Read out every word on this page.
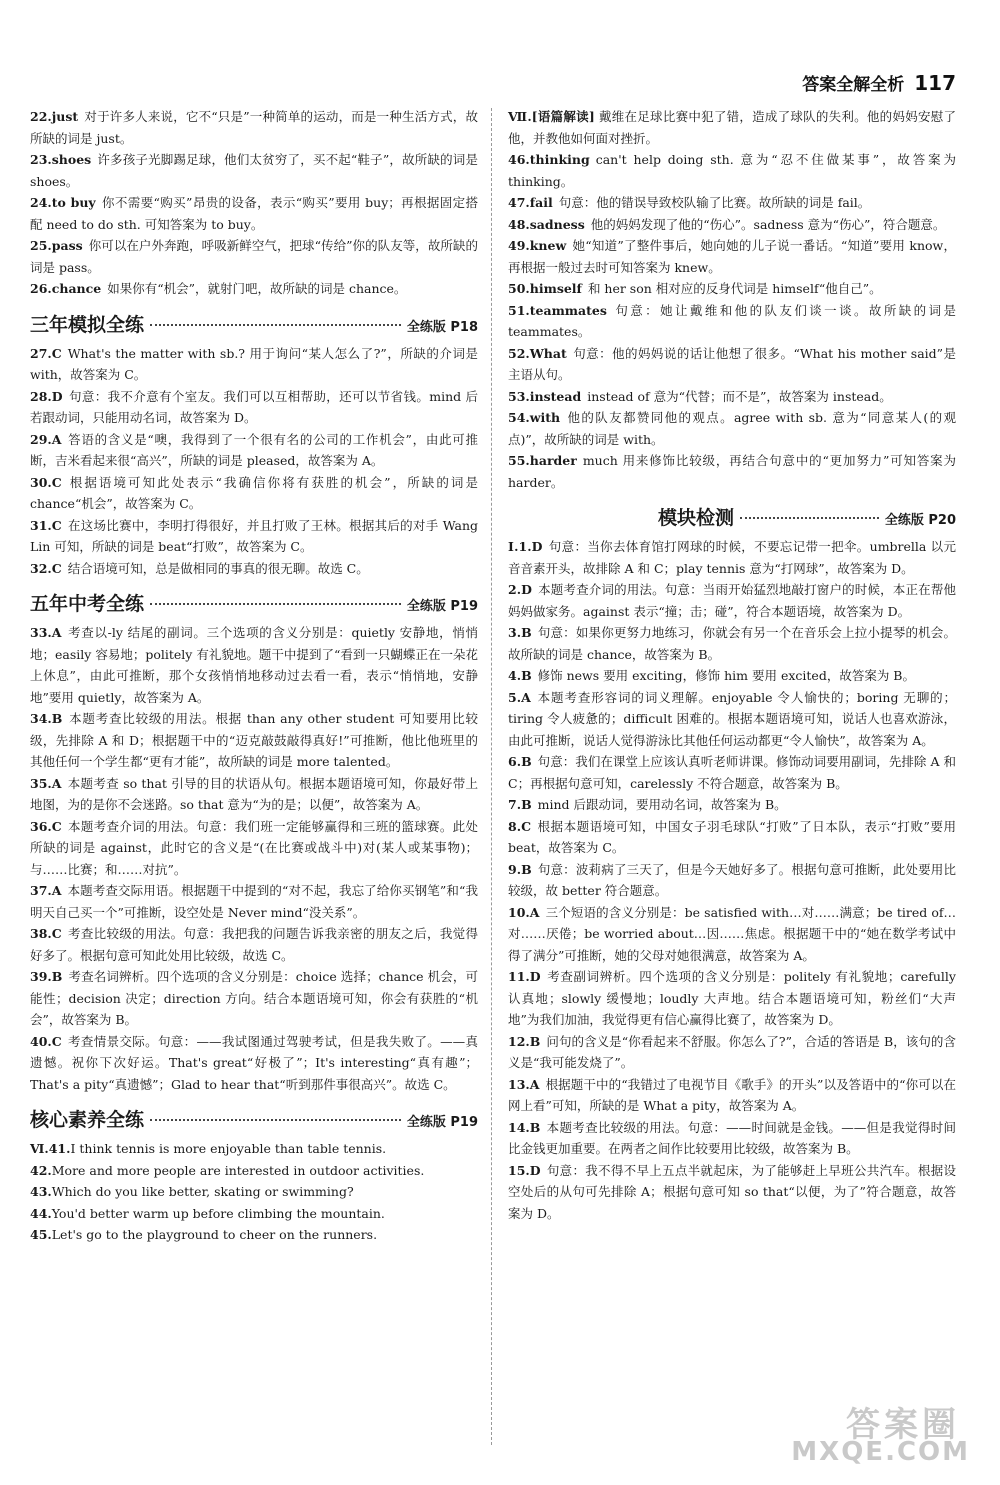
答案全解全析 117

22.just 对于许多人来说，它不“只是”一种简单的运动，而是一种生活方式，故所缺的词是 just。

23.shoes 许多孩子光脚踢足球，他们太贫穷了，买不起“鞋子”，故所缺的词是 shoes。

24.to buy 你不需要“购买”昂贵的设备，表示“购买”要用 buy；再根据固定搭配 need to do sth. 可知答案为 to buy。

25.pass 你可以在户外奔跑，呼吸新鲜空气，把球“传给”你的队友等，故所缺的词是 pass。

26.chance 如果你有“机会”，就射门吧，故所缺的词是 chance。

三年模拟全练	全练版 P18

27.C What's the matter with sb.? 用于询问“某人怎么了?”，所缺的介词是 with，故答案为 C。

28.D 句意：我不介意有个室友。我们可以互相帮助，还可以节省钱。mind 后若跟动词，只能用动名词，故答案为 D。

29.A 答语的含义是“噢，我得到了一个很有名的公司的工作机会”，由此可推断，吉米看起来很“高兴”，所缺的词是 pleased，故答案为 A。

30.C 根据语境可知此处表示“我确信你将有获胜的机会”，所缺的词是 chance“机会”，故答案为 C。

31.C 在这场比赛中，李明打得很好，并且打败了王林。根据其后的对手 Wang Lin 可知，所缺的词是 beat“打败”，故答案为 C。

32.C 结合语境可知，总是做相同的事真的很无聊。故选 C。

五年中考全练	全练版 P19

33.A 考查以-ly 结尾的副词。三个选项的含义分别是：quietly 安静地，悄悄地；easily 容易地；politely 有礼貌地。题干中提到了“看到一只蝴蝶正在一朵花上休息”，由此可推断，那个女孩悄悄地移动过去看一看，表示“悄悄地，安静地”要用 quietly，故答案为 A。

34.B 本题考查比较级的用法。根据 than any other student 可知要用比较级，先排除 A 和 D；根据题干中的“迈克敲鼓敲得真好!”可推断，他比他班里的其他任何一个学生都“更有才能”，故所缺的词是 more talented。

35.A 本题考查 so that 引导的目的状语从句。根据本题语境可知，你最好带上地图，为的是你不会迷路。so that 意为“为的是；以便”，故答案为 A。

36.C 本题考查介词的用法。句意：我们班一定能够赢得和三班的篮球赛。此处所缺的词是 against，此时它的含义是“(在比赛或战斗中)对(某人或某事物)；与……比赛；和……对抗”。

37.A 本题考查交际用语。根据题干中提到的“对不起，我忘了给你买钢笔”和“我明天自己买一个”可推断，设空处是 Never mind“没关系”。

38.C 考查比较级的用法。句意：我把我的问题告诉我亲密的朋友之后，我觉得好多了。根据句意可知此处用比较级，故选 C。

39.B 考查名词辨析。四个选项的含义分别是：choice 选择；chance 机会，可能性；decision 决定；direction 方向。结合本题语境可知，你会有获胜的“机会”，故答案为 B。

40.C 考查情景交际。句意：——我试图通过驾驶考试，但是我失败了。——真遗憾。祝你下次好运。That's great“好极了”；It's interesting“真有趣”；That's a pity“真遗憾”；Glad to hear that“听到那件事很高兴”。故选 C。

核心素养全练	全练版 P19

Ⅵ.41.I think tennis is more enjoyable than table tennis.

42.More and more people are interested in outdoor activities.

43.Which do you like better, skating or swimming?

44.You'd better warm up before climbing the mountain.

45.Let's go to the playground to cheer on the runners.

Ⅶ.[语篇解读] 戴维在足球比赛中犯了错，造成了球队的失利。他的妈妈安慰了他，并教他如何面对挫折。

46.thinking can't help doing sth. 意为“忍不住做某事”，故答案为 thinking。

47.fail 句意：他的错误导致校队输了比赛。故所缺的词是 fail。

48.sadness 他的妈妈发现了他的“伤心”。sadness 意为“伤心”，符合题意。

49.knew 她“知道”了整件事后，她向她的儿子说一番话。“知道”要用 know，再根据一般过去时可知答案为 knew。

50.himself 和 her son 相对应的反身代词是 himself“他自己”。

51.teammates 句意：她让戴维和他的队友们谈一谈。故所缺的词是 teammates。

52.What 句意：他的妈妈说的话让他想了很多。“What his mother said”是主语从句。

53.instead instead of 意为“代替；而不是”，故答案为 instead。

54.with 他的队友都赞同他的观点。agree with sb. 意为“同意某人(的观点)”，故所缺的词是 with。

55.harder much 用来修饰比较级，再结合句意中的“更加努力”可知答案为 harder。

模块检测	全练版 P20

Ⅰ.1.D 句意：当你去体育馆打网球的时候，不要忘记带一把伞。umbrella 以元音音素开头，故排除 A 和 C；play tennis 意为“打网球”，故答案为 D。

2.D 本题考查介词的用法。句意：当雨开始猛烈地敲打窗户的时候，本正在帮他妈妈做家务。against 表示“撞；击；碰”，符合本题语境，故答案为 D。

3.B 句意：如果你更努力地练习，你就会有另一个在音乐会上拉小提琴的机会。故所缺的词是 chance，故答案为 B。

4.B 修饰 news 要用 exciting，修饰 him 要用 excited，故答案为 B。

5.A 本题考查形容词的词义理解。enjoyable 令人愉快的；boring 无聊的；tiring 令人疲惫的；difficult 困难的。根据本题语境可知，说话人也喜欢游泳，由此可推断，说话人觉得游泳比其他任何运动都更“令人愉快”，故答案为 A。

6.B 句意：我们在课堂上应该认真听老师讲课。修饰动词要用副词，先排除 A 和 C；再根据句意可知，carelessly 不符合题意，故答案为 B。

7.B mind 后跟动词，要用动名词，故答案为 B。

8.C 根据本题语境可知，中国女子羽毛球队“打败”了日本队，表示“打败”要用 beat，故答案为 C。

9.B 句意：波莉病了三天了，但是今天她好多了。根据句意可推断，此处要用比较级，故 better 符合题意。

10.A 三个短语的含义分别是：be satisfied with…对……满意；be tired of…对……厌倦；be worried about…因……焦虑。根据题干中的“她在数学考试中得了满分”可推断，她的父母对她很满意，故答案为 A。

11.D 考查副词辨析。四个选项的含义分别是：politely 有礼貌地；carefully 认真地；slowly 缓慢地；loudly 大声地。结合本题语境可知，粉丝们“大声地”为我们加油，我觉得更有信心赢得比赛了，故答案为 D。

12.B 问句的含义是“你看起来不舒服。你怎么了?”，合适的答语是 B，该句的含义是“我可能发烧了”。

13.A 根据题干中的“我错过了电视节目《歌手》的开头”以及答语中的“你可以在网上看”可知，所缺的是 What a pity，故答案为 A。

14.B 本题考查比较级的用法。句意：——时间就是金钱。——但是我觉得时间比金钱更加重要。在两者之间作比较要用比较级，故答案为 B。

15.D 句意：我不得不早上五点半就起床，为了能够赶上早班公共汽车。根据设空处后的从句可先排除 A；根据句意可知 so that“以便，为了”符合题意，故答案为 D。

答案圈
MXQE.COM
